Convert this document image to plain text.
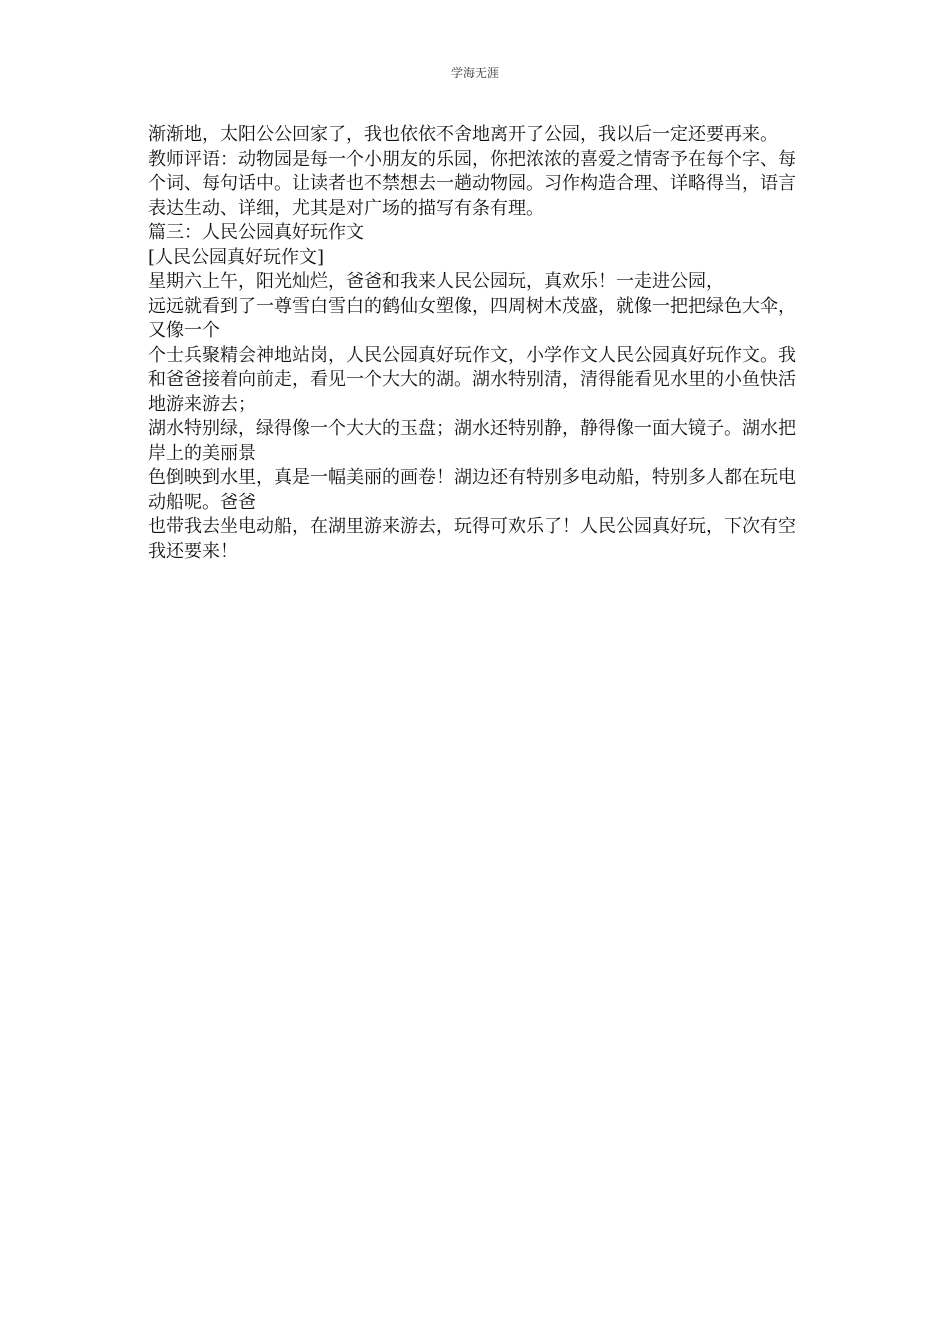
学海无涯

渐渐地，太阳公公回家了，我也依依不舍地离开了公园，我以后一定还要再来。

教师评语：动物园是每一个小朋友的乐园，你把浓浓的喜爱之情寄予在每个字、每个词、每句话中。让读者也不禁想去一趟动物园。习作构造合理、详略得当，语言表达生动、详细，尤其是对广场的描写有条有理。

篇三：人民公园真好玩作文

[人民公园真好玩作文]

星期六上午，阳光灿烂，爸爸和我来人民公园玩，真欢乐！一走进公园，

远远就看到了一尊雪白雪白的鹤仙女塑像，四周树木茂盛，就像一把把绿色大伞，又像一个

个士兵聚精会神地站岗，人民公园真好玩作文，小学作文人民公园真好玩作文。我

和爸爸接着向前走，看见一个大大的湖。湖水特别清，清得能看见水里的小鱼快活地游来游去；

湖水特别绿，绿得像一个大大的玉盘；湖水还特别静，静得像一面大镜子。湖水把岸上的美丽景

色倒映到水里，真是一幅美丽的画卷！湖边还有特别多电动船，特别多人都在玩电动船呢。爸爸

也带我去坐电动船，在湖里游来游去，玩得可欢乐了！人民公园真好玩，下次有空我还要来！
